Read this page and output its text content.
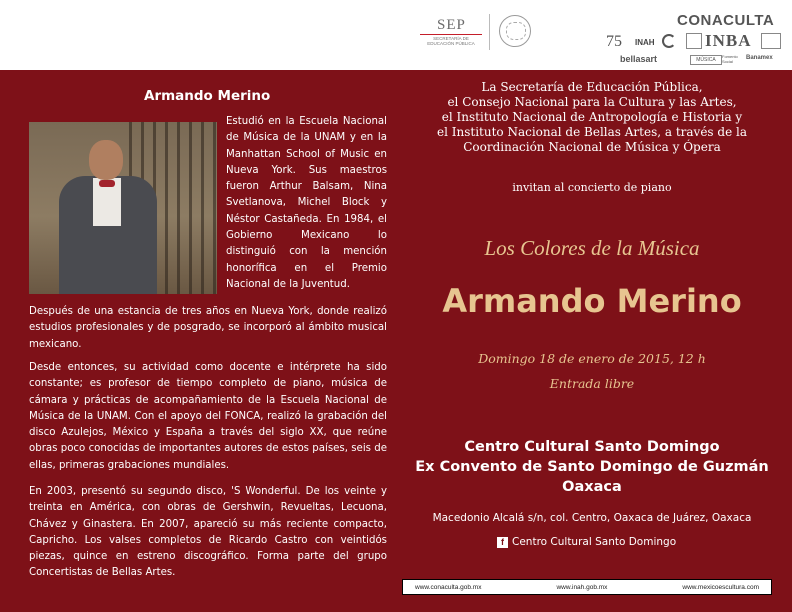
SEP
SECRETARÍA DE EDUCACIÓN PÚBLICA
CONACULTA
75 INAH	INBA
bellasart	MÚSICA
Fomento Social	Banamex
Armando Merino

Estudió en la Escuela Nacional de Música de la UNAM y en la Manhattan School of Music en Nueva York. Sus maestros fueron Arthur Balsam, Nina Svetlanova, Michel Block y Néstor Castañeda. En 1984, el Gobierno Mexicano lo distinguió con la mención honorífica en el Premio Nacional de la Juventud.

Después de una estancia de tres años en Nueva York, donde realizó estudios profesionales y de posgrado, se incorporó al ámbito musical mexicano.

Desde entonces, su actividad como docente e intérprete ha sido constante; es profesor de tiempo completo de piano, música de cámara y prácticas de acompañamiento de la Escuela Nacional de Música de la UNAM. Con el apoyo del FONCA, realizó la grabación del disco Azulejos, México y España a través del siglo XX, que reúne obras poco conocidas de importantes autores de estos países, seis de ellas, primeras grabaciones mundiales.

En 2003, presentó su segundo disco, 'S Wonderful. De los veinte y treinta en América, con obras de Gershwin, Revueltas, Lecuona, Chávez y Ginastera. En 2007, apareció su más reciente compacto, Capricho. Los valses completos de Ricardo Castro con veintidós piezas, quince en estreno discográfico. Forma parte del grupo Concertistas de Bellas Artes.

La Secretaría de Educación Pública,
el Consejo Nacional para la Cultura y las Artes,
el Instituto Nacional de Antropología e Historia y
el Instituto Nacional de Bellas Artes, a través de la
Coordinación Nacional de Música y Ópera
invitan al concierto de piano
Los Colores de la Música
Armando Merino
Domingo 18 de enero de 2015, 12 h
Entrada libre
Centro Cultural Santo Domingo
Ex Convento de Santo Domingo de Guzmán
Oaxaca
Macedonio Alcalá s/n, col. Centro, Oaxaca de Juárez, Oaxaca
f Centro Cultural Santo Domingo
www.conaculta.gob.mx	www.inah.gob.mx	www.mexicoescultura.com
